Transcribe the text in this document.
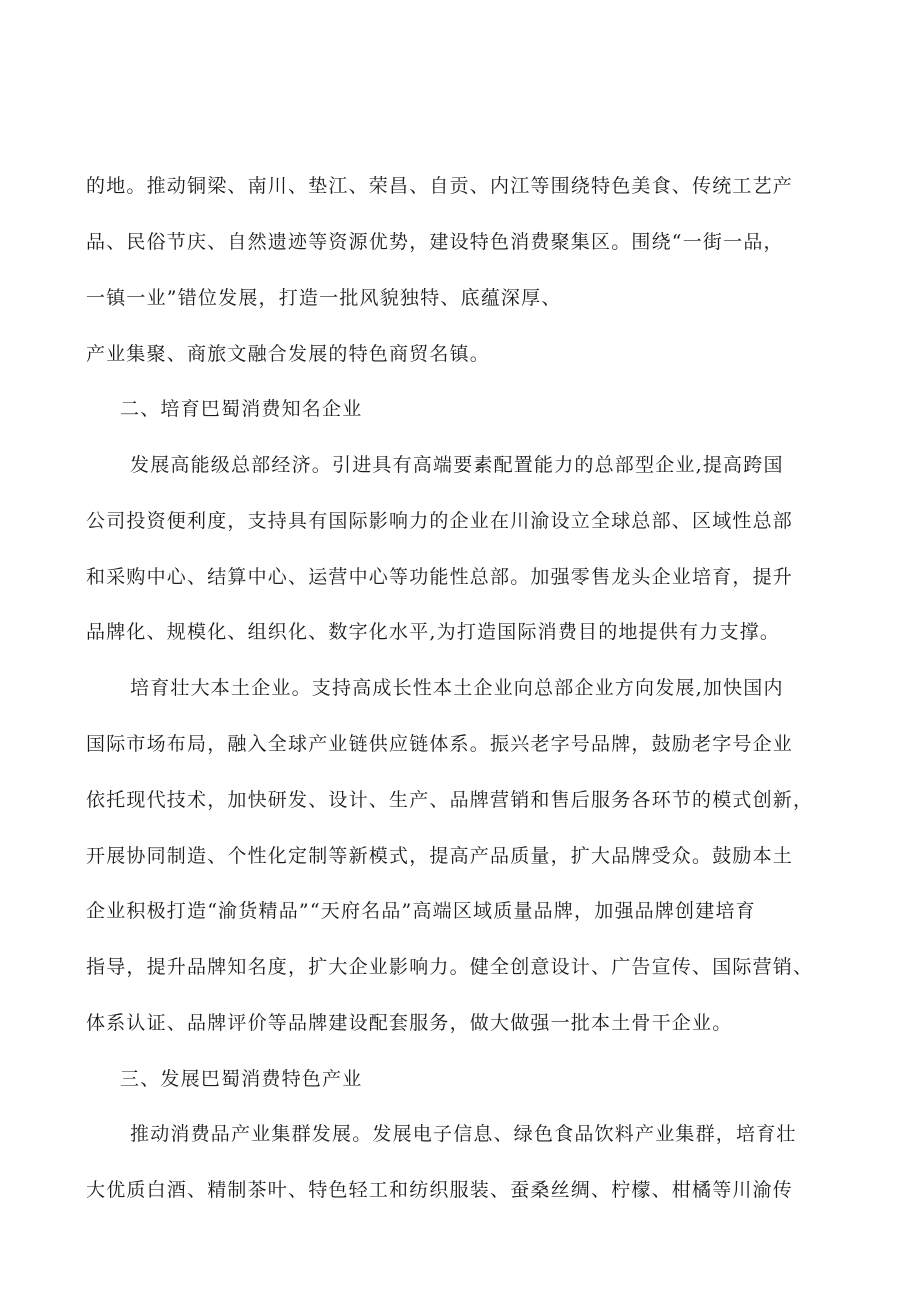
的地。推动铜梁、南川、垫江、荣昌、自贡、内江等围绕特色美食、传统工艺产
品、民俗节庆、自然遗迹等资源优势，建设特色消费聚集区。围绕“一街一品，
一镇一业”错位发展，打造一批风貌独特、底蕴深厚、
产业集聚、商旅文融合发展的特色商贸名镇。
二、培育巴蜀消费知名企业
发展高能级总部经济。引进具有高端要素配置能力的总部型企业,提高跨国
公司投资便利度，支持具有国际影响力的企业在川渝设立全球总部、区域性总部
和采购中心、结算中心、运营中心等功能性总部。加强零售龙头企业培育，提升
品牌化、规模化、组织化、数字化水平,为打造国际消费目的地提供有力支撑。
培育壮大本土企业。支持高成长性本土企业向总部企业方向发展,加快国内
国际市场布局，融入全球产业链供应链体系。振兴老字号品牌，鼓励老字号企业
依托现代技术，加快研发、设计、生产、品牌营销和售后服务各环节的模式创新，
开展协同制造、个性化定制等新模式，提高产品质量，扩大品牌受众。鼓励本土
企业积极打造“渝货精品”“天府名品”高端区域质量品牌，加强品牌创建培育
指导，提升品牌知名度，扩大企业影响力。健全创意设计、广告宣传、国际营销、
体系认证、品牌评价等品牌建设配套服务，做大做强一批本土骨干企业。
三、发展巴蜀消费特色产业
推动消费品产业集群发展。发展电子信息、绿色食品饮料产业集群，培育壮
大优质白酒、精制茶叶、特色轻工和纺织服装、蚕桑丝绸、柠檬、柑橘等川渝传
